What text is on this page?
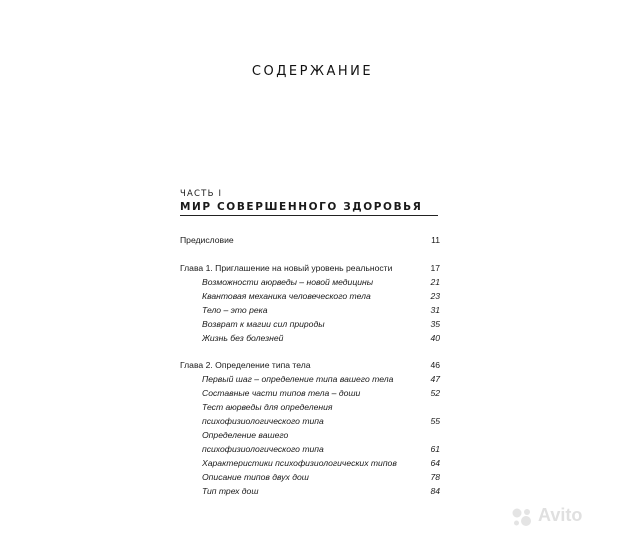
СОДЕРЖАНИЕ
ЧАСТЬ I
МИР СОВЕРШЕННОГО ЗДОРОВЬЯ
Предисловие	11
Глава 1. Приглашение на новый уровень реальности	17
Возможности аюрведы – новой медицины	21
Квантовая механика человеческого тела	23
Тело – это река	31
Возврат к магии сил природы	35
Жизнь без болезней	40
Глава 2. Определение типа тела	46
Первый шаг – определение типа вашего тела	47
Составные части типов тела – доши	52
Тест аюрведы для определения
психофизиологического типа	55
Определение вашего
психофизиологического типа	61
Характеристики психофизиологических типов	64
Описание типов двух дош	78
Тип трех дош	84
Avito
